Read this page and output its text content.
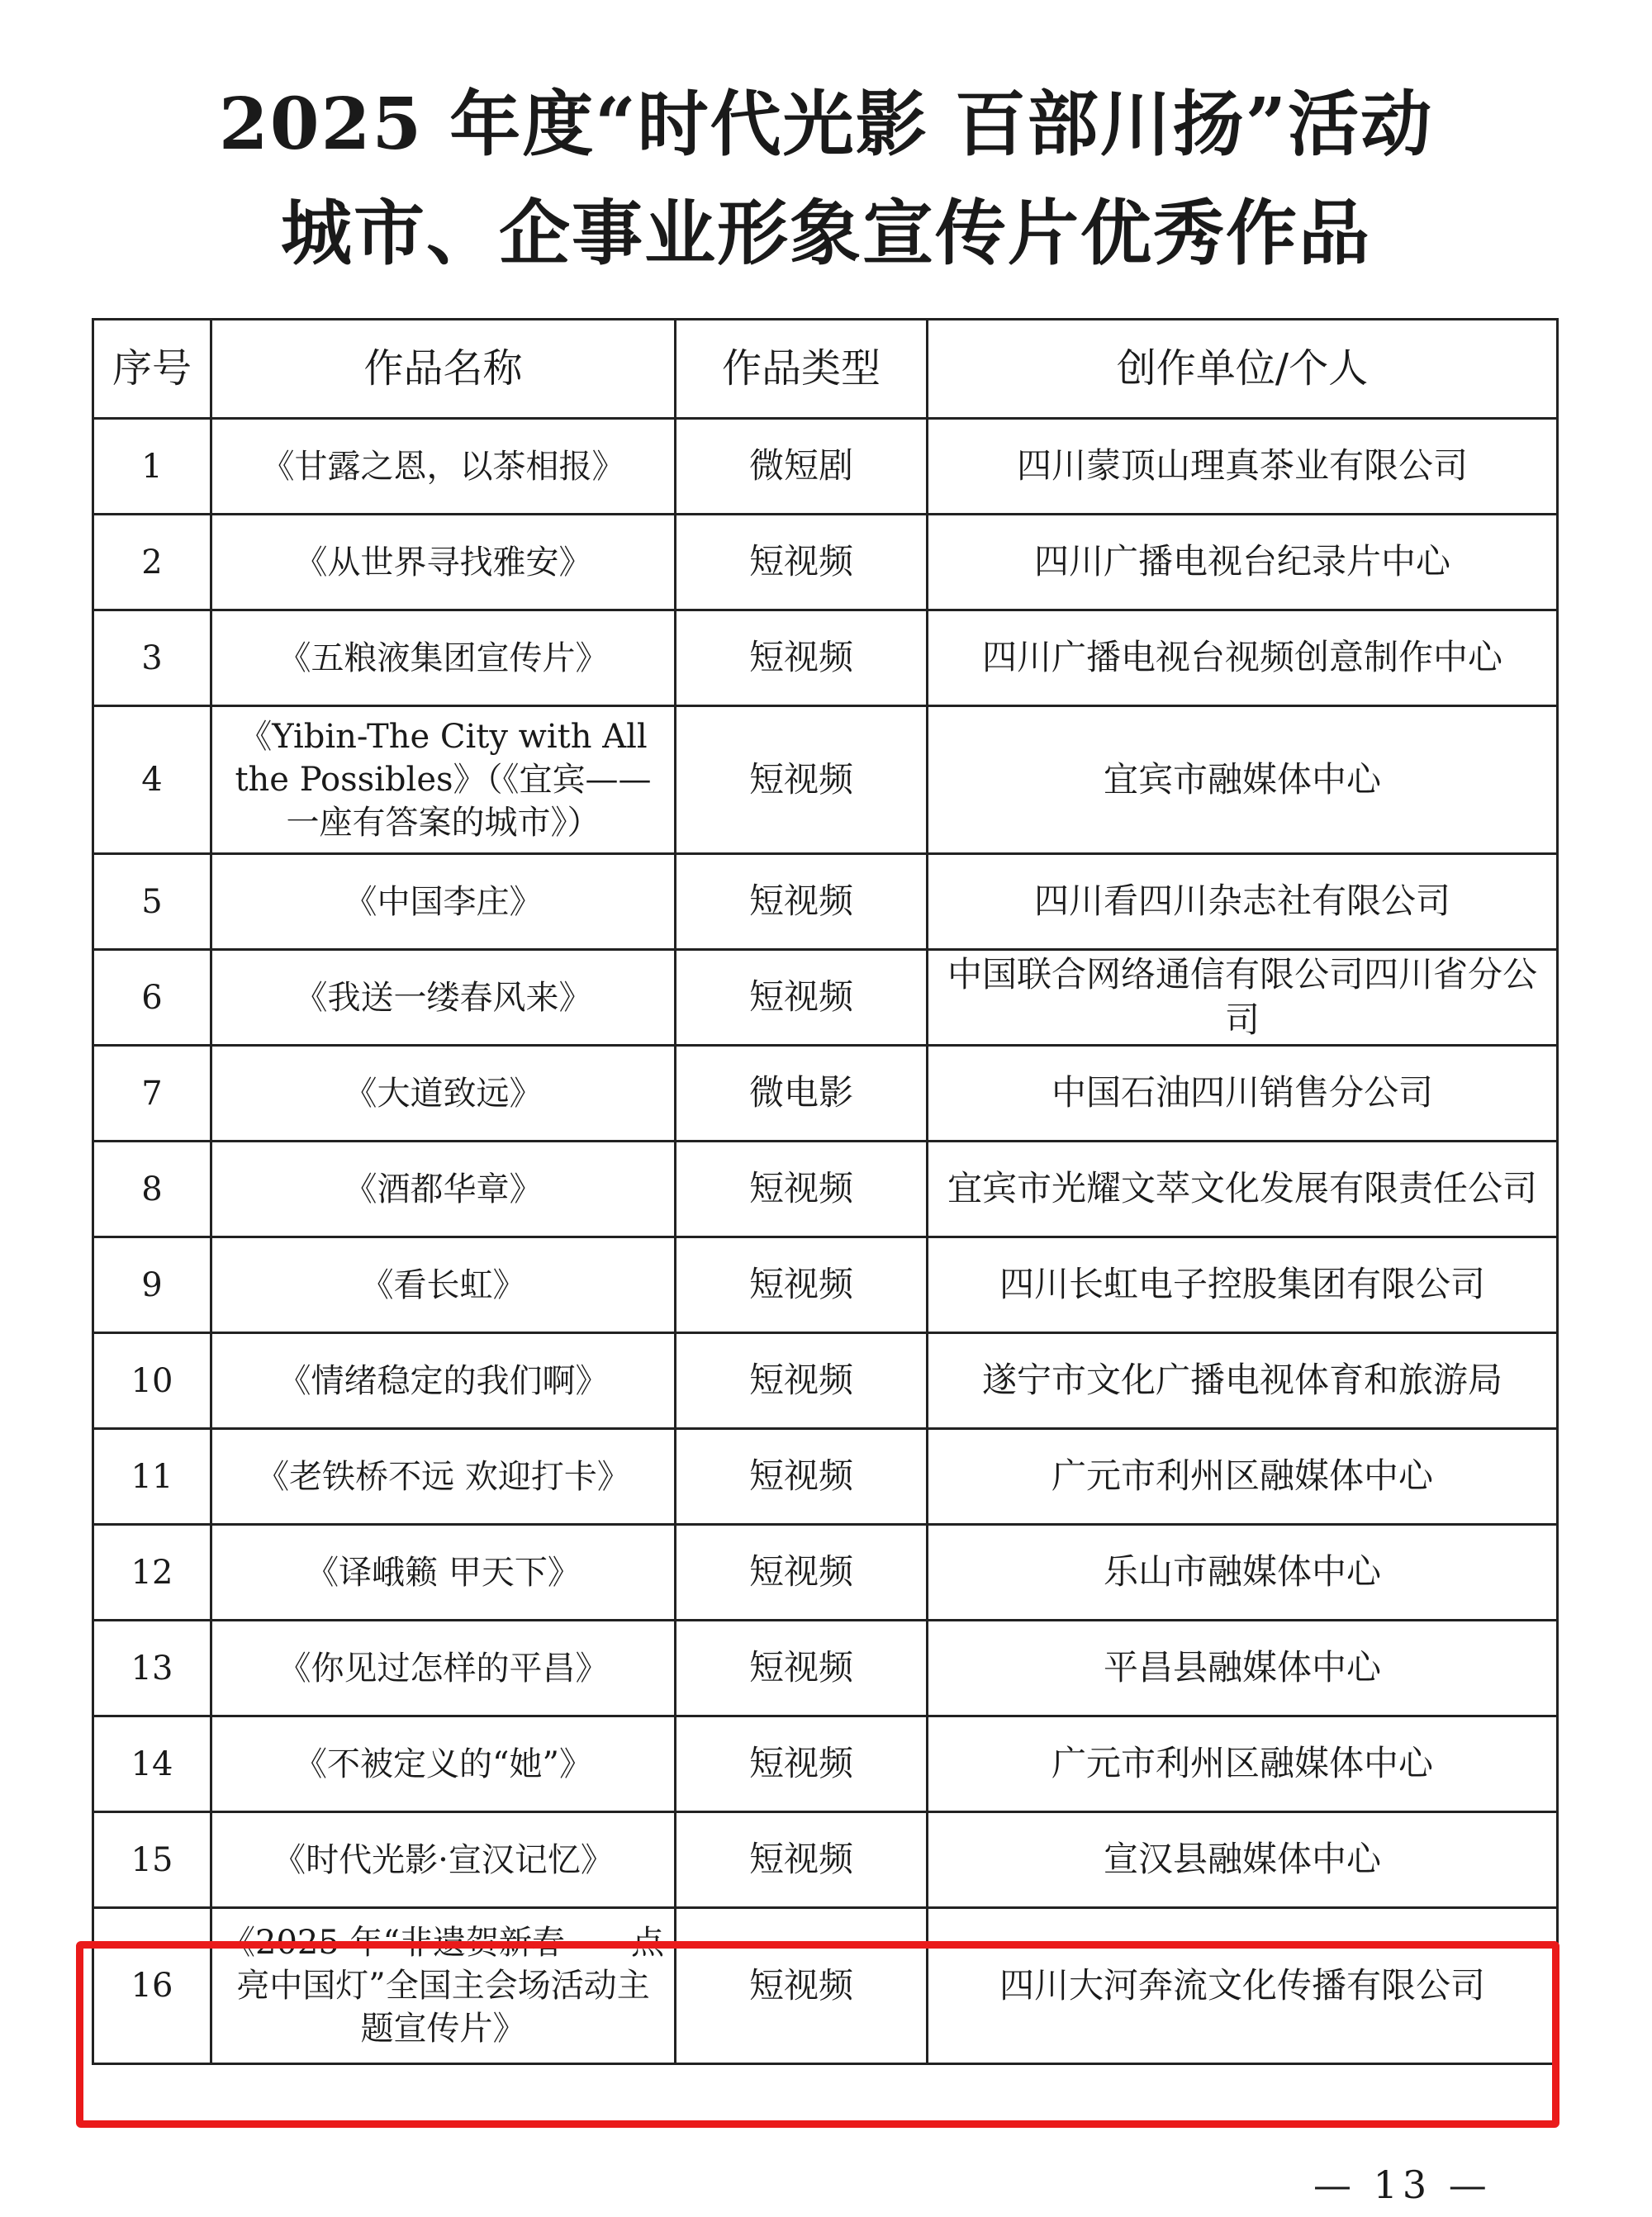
2025 年度“时代光影 百部川扬”活动
城市、企事业形象宣传片优秀作品
序号	作品名称	作品类型	创作单位/个人
1	《甘露之恩，以茶相报》	微短剧	四川蒙顶山理真茶业有限公司
2	《从世界寻找雅安》	短视频	四川广播电视台纪录片中心
3	《五粮液集团宣传片》	短视频	四川广播电视台视频创意制作中心
4	《Yibin-The City with All the Possibles》（《宜宾——一座有答案的城市》）	短视频	宜宾市融媒体中心
5	《中国李庄》	短视频	四川看四川杂志社有限公司
6	《我送一缕春风来》	短视频	中国联合网络通信有限公司四川省分公司
7	《大道致远》	微电影	中国石油四川销售分公司
8	《酒都华章》	短视频	宜宾市光耀文萃文化发展有限责任公司
9	《看长虹》	短视频	四川长虹电子控股集团有限公司
10	《情绪稳定的我们啊》	短视频	遂宁市文化广播电视体育和旅游局
11	《老铁桥不远 欢迎打卡》	短视频	广元市利州区融媒体中心
12	《译峨籁 甲天下》	短视频	乐山市融媒体中心
13	《你见过怎样的平昌》	短视频	平昌县融媒体中心
14	《不被定义的“她”》	短视频	广元市利州区融媒体中心
15	《时代光影·宣汉记忆》	短视频	宣汉县融媒体中心
16	《2025 年“非遗贺新春——点亮中国灯”全国主会场活动主题宣传片》	短视频	四川大河奔流文化传播有限公司
— 13 —
